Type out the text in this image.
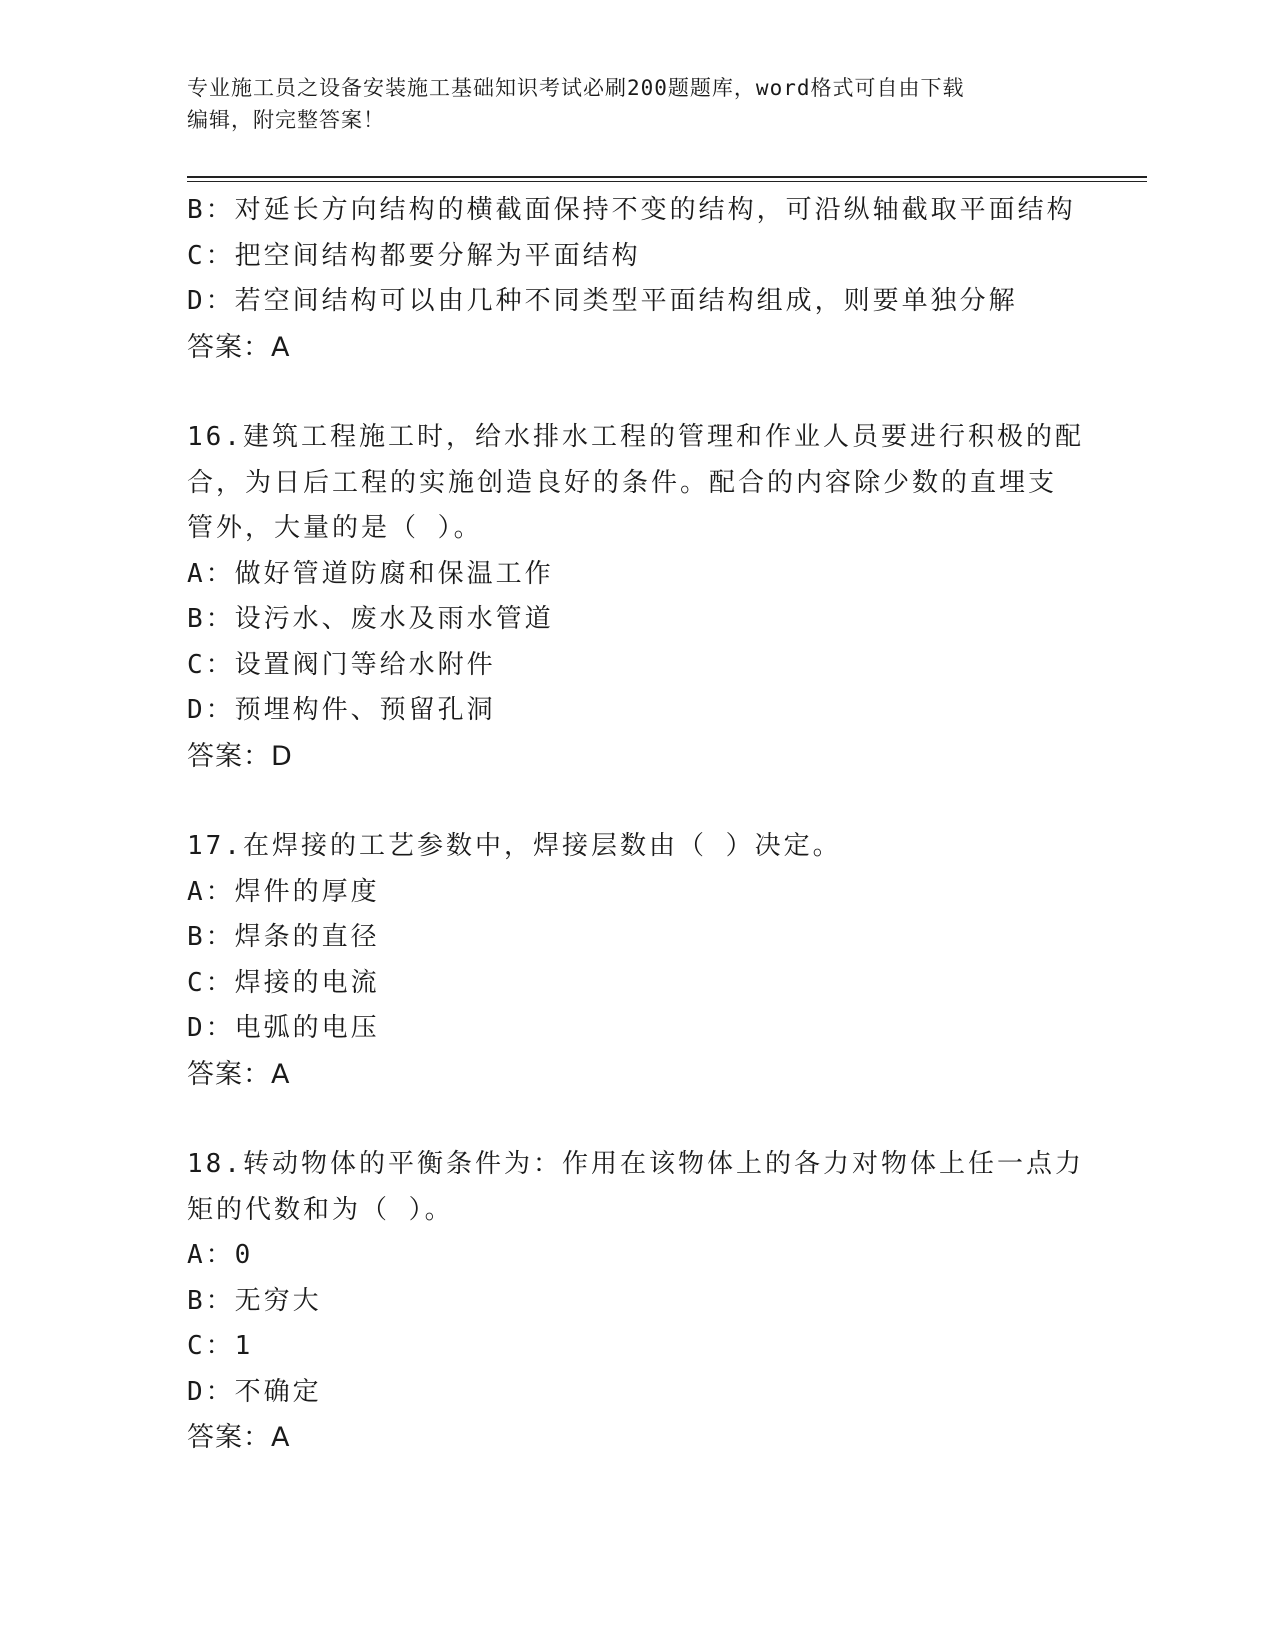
专业施工员之设备安装施工基础知识考试必刷200题题库，word格式可自由下载
编辑，附完整答案！
B：对延长方向结构的横截面保持不变的结构，可沿纵轴截取平面结构
C：把空间结构都要分解为平面结构
D：若空间结构可以由几种不同类型平面结构组成，则要单独分解
答案：A
16.建筑工程施工时，给水排水工程的管理和作业人员要进行积极的配
合，为日后工程的实施创造良好的条件。配合的内容除少数的直埋支
管外，大量的是（ ）。
A：做好管道防腐和保温工作
B：设污水、废水及雨水管道
C：设置阀门等给水附件
D：预埋构件、预留孔洞
答案：D
17.在焊接的工艺参数中，焊接层数由（ ）决定。
A：焊件的厚度
B：焊条的直径
C：焊接的电流
D：电弧的电压
答案：A
18.转动物体的平衡条件为：作用在该物体上的各力对物体上任一点力
矩的代数和为（ ）。
A：0
B：无穷大
C：1
D：不确定
答案：A
